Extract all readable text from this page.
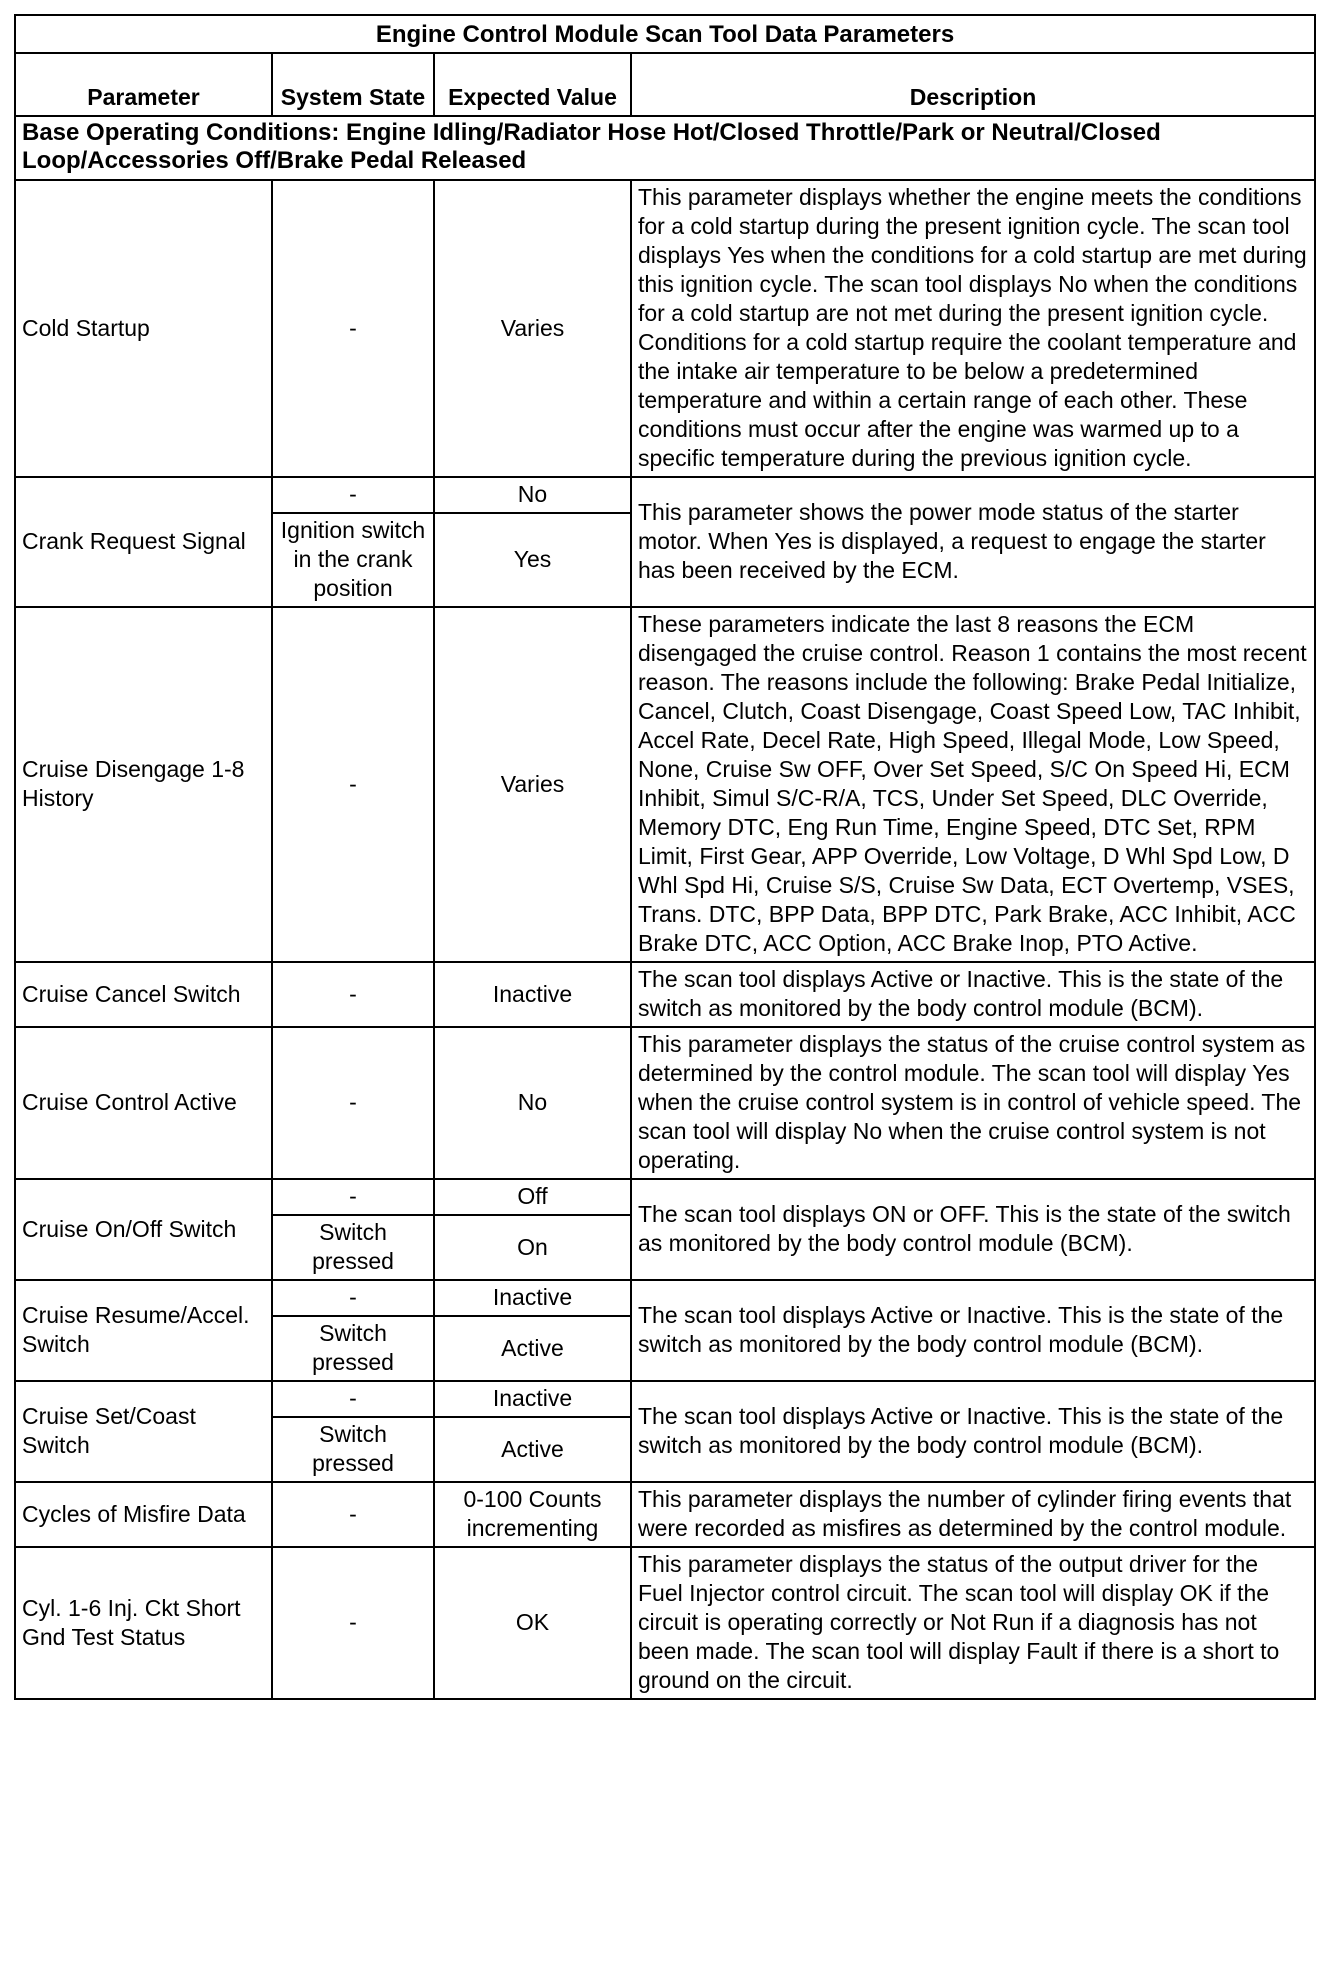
Engine Control Module Scan Tool Data Parameters			
Parameter	System State	Expected Value	Description
Base Operating Conditions: Engine Idling/Radiator Hose Hot/Closed Throttle/Park or Neutral/Closed Loop/Accessories Off/Brake Pedal Released			
Cold Startup	-	Varies	This parameter displays whether the engine meets the conditions for a cold startup during the present ignition cycle. The scan tool displays Yes when the conditions for a cold startup are met during this ignition cycle. The scan tool displays No when the conditions for a cold startup are not met during the present ignition cycle. Conditions for a cold startup require the coolant temperature and the intake air temperature to be below a predetermined temperature and within a certain range of each other. These conditions must occur after the engine was warmed up to a specific temperature during the previous ignition cycle.
Crank Request Signal	-	No	This parameter shows the power mode status of the starter motor. When Yes is displayed, a request to engage the starter has been received by the ECM.
	Ignition switch in the crank position	Yes	
Cruise Disengage 1-8 History	-	Varies	These parameters indicate the last 8 reasons the ECM disengaged the cruise control. Reason 1 contains the most recent reason. The reasons include the following: Brake Pedal Initialize, Cancel, Clutch, Coast Disengage, Coast Speed Low, TAC Inhibit, Accel Rate, Decel Rate, High Speed, Illegal Mode, Low Speed, None, Cruise Sw OFF, Over Set Speed, S/C On Speed Hi, ECM Inhibit, Simul S/C-R/A, TCS, Under Set Speed, DLC Override, Memory DTC, Eng Run Time, Engine Speed, DTC Set, RPM Limit, First Gear, APP Override, Low Voltage, D Whl Spd Low, D Whl Spd Hi, Cruise S/S, Cruise Sw Data, ECT Overtemp, VSES, Trans. DTC, BPP Data, BPP DTC, Park Brake, ACC Inhibit, ACC Brake DTC, ACC Option, ACC Brake Inop, PTO Active.
Cruise Cancel Switch	-	Inactive	The scan tool displays Active or Inactive. This is the state of the switch as monitored by the body control module (BCM).
Cruise Control Active	-	No	This parameter displays the status of the cruise control system as determined by the control module. The scan tool will display Yes when the cruise control system is in control of vehicle speed. The scan tool will display No when the cruise control system is not operating.
Cruise On/Off Switch	-	Off	The scan tool displays ON or OFF. This is the state of the switch as monitored by the body control module (BCM).
	Switch pressed	On	
Cruise Resume/Accel. Switch	-	Inactive	The scan tool displays Active or Inactive. This is the state of the switch as monitored by the body control module (BCM).
	Switch pressed	Active	
Cruise Set/Coast Switch	-	Inactive	The scan tool displays Active or Inactive. This is the state of the switch as monitored by the body control module (BCM).
	Switch pressed	Active	
Cycles of Misfire Data	-	0-100 Counts incrementing	This parameter displays the number of cylinder firing events that were recorded as misfires as determined by the control module.
Cyl. 1-6 Inj. Ckt Short Gnd Test Status	-	OK	This parameter displays the status of the output driver for the Fuel Injector control circuit. The scan tool will display OK if the circuit is operating correctly or Not Run if a diagnosis has not been made. The scan tool will display Fault if there is a short to ground on the circuit.
